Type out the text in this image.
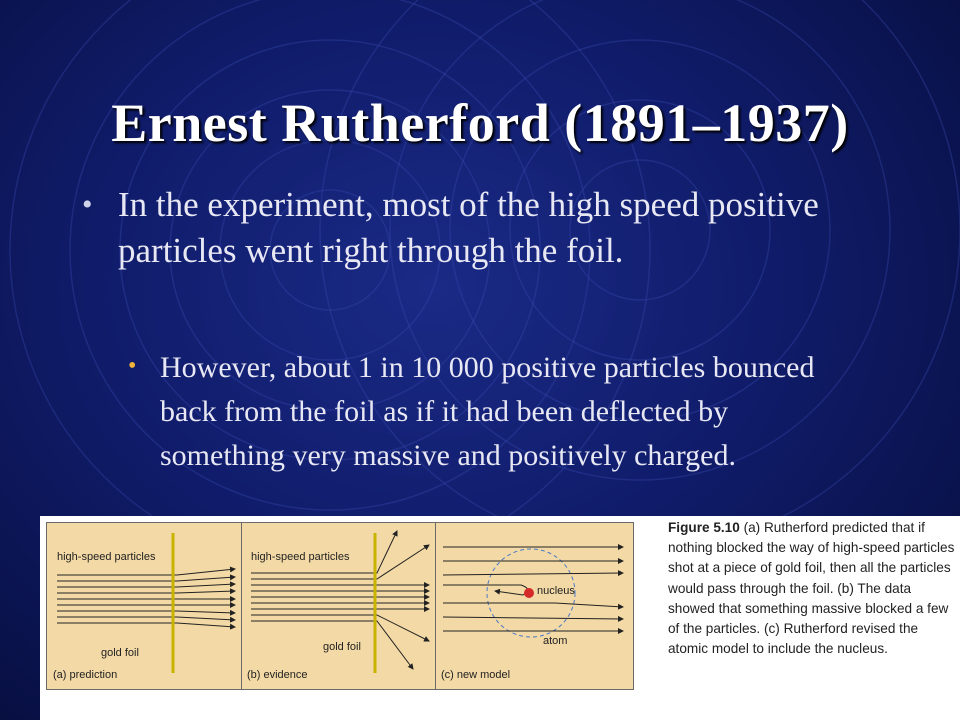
Ernest Rutherford (1891–1937)
• In the experiment, most of the high speed positive particles went right through the foil.
• However, about 1 in 10 000 positive particles bounced back from the foil as if it had been deflected by something very massive and positively charged.
high-speed particles
gold foil
(a) prediction
high-speed particles
gold foil
(b) evidence
nucleus
atom
(c) new model
Figure 5.10 (a) Rutherford predicted that if nothing blocked the way of high-speed particles shot at a piece of gold foil, then all the particles would pass through the foil. (b) The data showed that something massive blocked a few of the particles. (c) Rutherford revised the atomic model to include the nucleus.
